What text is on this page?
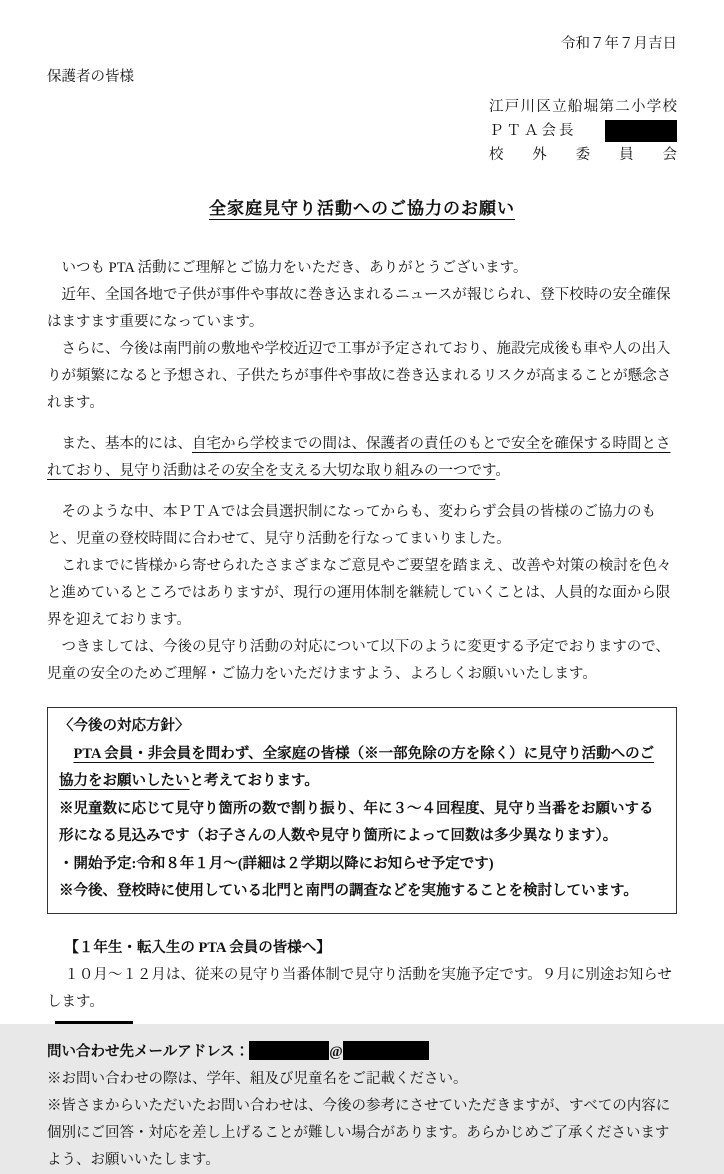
令和７年７月吉日
保護者の皆様
江戸川区立船堀第二小学校
ＰＴＡ会長
校　外　委　員　会
全家庭見守り活動へのご協力のお願い

いつも PTA 活動にご理解とご協力をいただき、ありがとうございます。

近年、全国各地で子供が事件や事故に巻き込まれるニュースが報じられ、登下校時の安全確保はますます重要になっています。

さらに、今後は南門前の敷地や学校近辺で工事が予定されており、施設完成後も車や人の出入りが頻繁になると予想され、子供たちが事件や事故に巻き込まれるリスクが高まることが懸念されます。

また、基本的には、自宅から学校までの間は、保護者の責任のもとで安全を確保する時間とされており、見守り活動はその安全を支える大切な取り組みの一つです。

そのような中、本ＰＴＡでは会員選択制になってからも、変わらず会員の皆様のご協力のもと、児童の登校時間に合わせて、見守り活動を行なってまいりました。

これまでに皆様から寄せられたさまざまなご意見やご要望を踏まえ、改善や対策の検討を色々と進めているところではありますが、現行の運用体制を継続していくことは、人員的な面から限界を迎えております。

つきましては、今後の見守り活動の対応について以下のように変更する予定でおりますので、児童の安全のためご理解・ご協力をいただけますよう、よろしくお願いいたします。

〈今後の対応方針〉

PTA 会員・非会員を問わず、全家庭の皆様（※一部免除の方を除く）に見守り活動へのご協力をお願いしたいと考えております。

※児童数に応じて見守り箇所の数で割り振り、年に３～４回程度、見守り当番をお願いする形になる見込みです（お子さんの人数や見守り箇所によって回数は多少異なります）。

・開始予定:令和８年１月～(詳細は２学期以降にお知らせ予定です)

※今後、登校時に使用している北門と南門の調査などを実施することを検討しています。

【１年生・転入生の PTA 会員の皆様へ】

１０月～１２月は、従来の見守り当番体制で見守り活動を実施予定です。９月に別途お知らせします。

問い合わせ先メールアドレス：	@

※お問い合わせの際は、学年、組及び児童名をご記載ください。

※皆さまからいただいたお問い合わせは、今後の参考にさせていただきますが、すべての内容に個別にご回答・対応を差し上げることが難しい場合があります。あらかじめご了承くださいますよう、お願いいたします。
